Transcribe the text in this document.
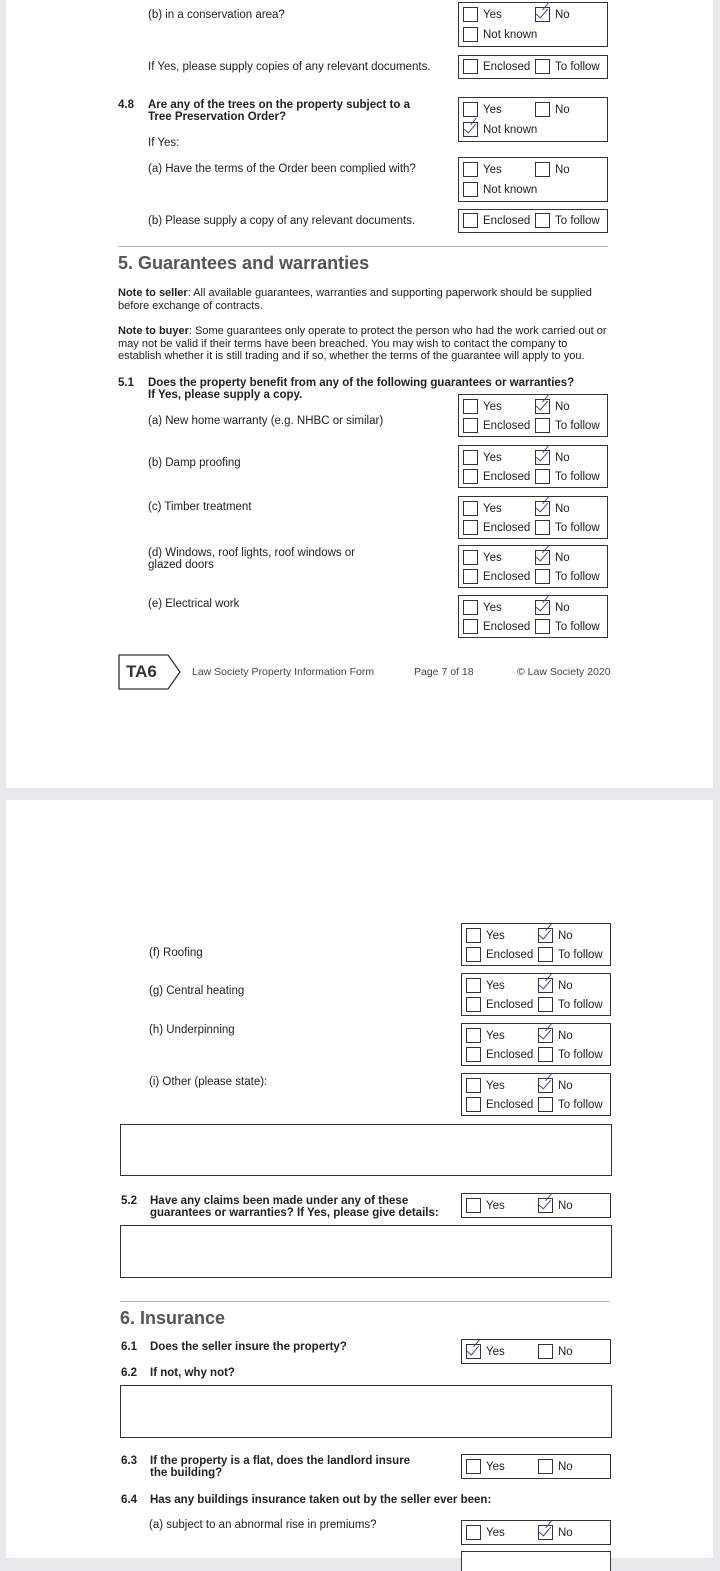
(b) in a conservation area?	Yes	No
Not known
If Yes, please supply copies of any relevant documents.	Enclosed To follow
4.8 Are any of the trees on the property subject to a
Tree Preservation Order?
Yes	No
Not known
If Yes:
(a) Have the terms of the Order been complied with?	Yes	No
Not known
(b) Please supply a copy of any relevant documents.	Enclosed To follow
5. Guarantees and warranties
Note to seller: All available guarantees, warranties and supporting paperwork should be supplied before exchange of contracts.
Note to buyer: Some guarantees only operate to protect the person who had the work carried out or may not be valid if their terms have been breached. You may wish to contact the company to establish whether it is still trading and if so, whether the terms of the guarantee will apply to you.
5.1 Does the property benefit from any of the following guarantees or warranties?
If Yes, please supply a copy.
(a) New home warranty (e.g. NHBC or similar)
Yes	No
Enclosed To follow
(b) Damp proofing	Yes	No
Enclosed To follow
(c) Timber treatment	Yes	No
Enclosed To follow
(d) Windows, roof lights, roof windows or
glazed doors
Yes	No
Enclosed To follow
(e) Electrical work	Yes	No
Enclosed To follow
TA6	Law Society Property Information Form	Page 7 of 18	© Law Society 2020
(f) Roofing
Yes	No
Enclosed To follow
(g) Central heating	Yes	No
Enclosed To follow
(h) Underpinning	Yes	No
Enclosed To follow
(i) Other (please state):	Yes	No
Enclosed To follow
5.2 Have any claims been made under any of these
guarantees or warranties? If Yes, please give details:
Yes	No
6. Insurance
6.1 Does the seller insure the property?	Yes	No
6.2 If not, why not?
6.3 If the property is a flat, does the landlord insure
the building?
Yes	No
6.4 Has any buildings insurance taken out by the seller ever been:
(a) subject to an abnormal rise in premiums?
Yes	No
